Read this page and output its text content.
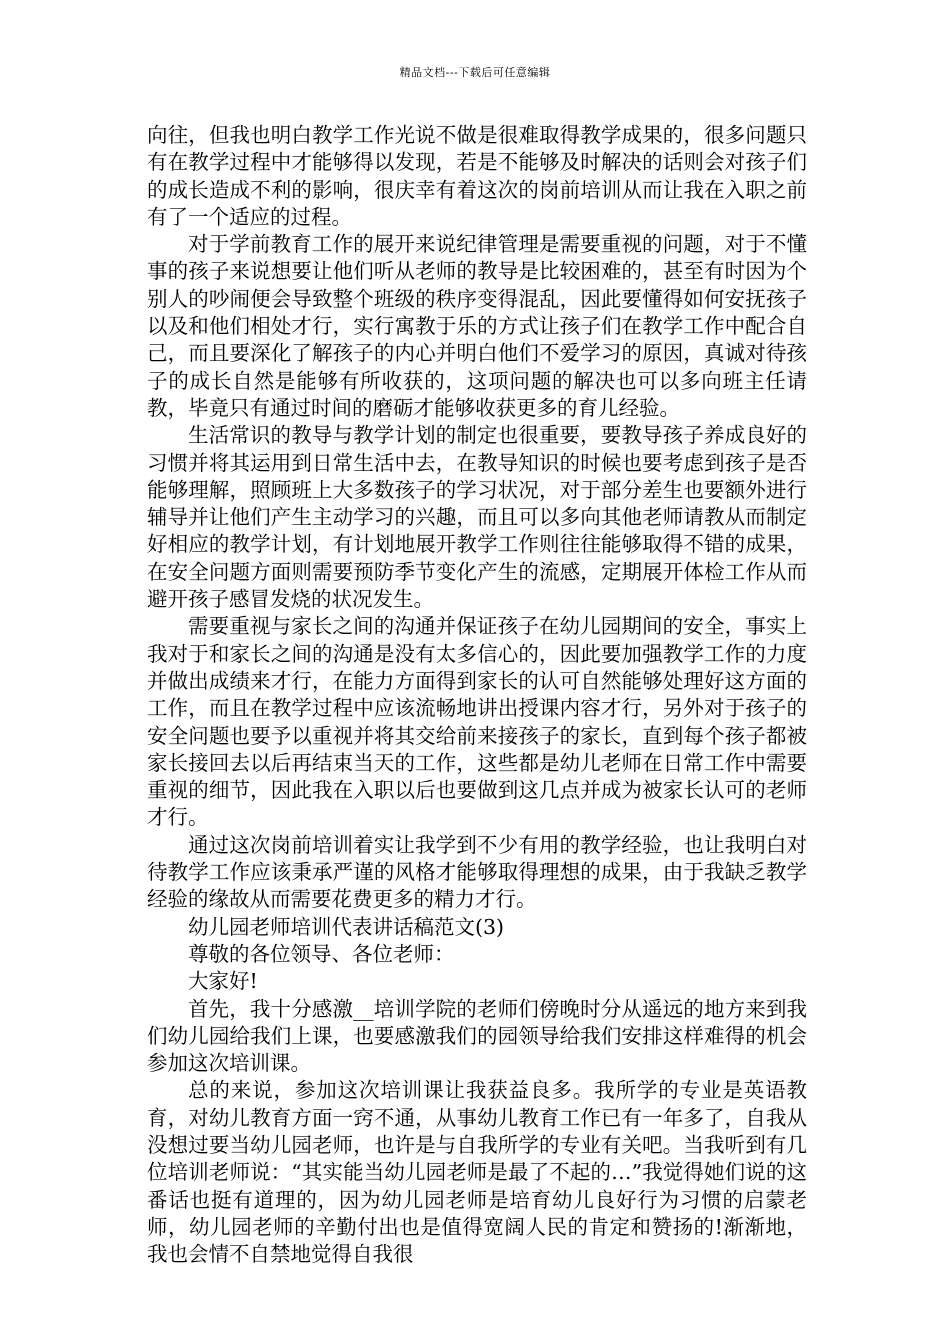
精品文档---下载后可任意编辑

向往，但我也明白教学工作光说不做是很难取得教学成果的，很多问题只有在教学过程中才能够得以发现，若是不能够及时解决的话则会对孩子们的成长造成不利的影响，很庆幸有着这次的岗前培训从而让我在入职之前有了一个适应的过程。

对于学前教育工作的展开来说纪律管理是需要重视的问题，对于不懂事的孩子来说想要让他们听从老师的教导是比较困难的，甚至有时因为个别人的吵闹便会导致整个班级的秩序变得混乱，因此要懂得如何安抚孩子以及和他们相处才行，实行寓教于乐的方式让孩子们在教学工作中配合自己，而且要深化了解孩子的内心并明白他们不爱学习的原因，真诚对待孩子的成长自然是能够有所收获的，这项问题的解决也可以多向班主任请教，毕竟只有通过时间的磨砺才能够收获更多的育儿经验。

生活常识的教导与教学计划的制定也很重要，要教导孩子养成良好的习惯并将其运用到日常生活中去，在教导知识的时候也要考虑到孩子是否能够理解，照顾班上大多数孩子的学习状况，对于部分差生也要额外进行辅导并让他们产生主动学习的兴趣，而且可以多向其他老师请教从而制定好相应的教学计划，有计划地展开教学工作则往往能够取得不错的成果，在安全问题方面则需要预防季节变化产生的流感，定期展开体检工作从而避开孩子感冒发烧的状况发生。

需要重视与家长之间的沟通并保证孩子在幼儿园期间的安全，事实上我对于和家长之间的沟通是没有太多信心的，因此要加强教学工作的力度并做出成绩来才行，在能力方面得到家长的认可自然能够处理好这方面的工作，而且在教学过程中应该流畅地讲出授课内容才行，另外对于孩子的安全问题也要予以重视并将其交给前来接孩子的家长，直到每个孩子都被家长接回去以后再结束当天的工作，这些都是幼儿老师在日常工作中需要重视的细节，因此我在入职以后也要做到这几点并成为被家长认可的老师才行。

通过这次岗前培训着实让我学到不少有用的教学经验，也让我明白对待教学工作应该秉承严谨的风格才能够取得理想的成果，由于我缺乏教学经验的缘故从而需要花费更多的精力才行。

幼儿园老师培训代表讲话稿范文(3)

尊敬的各位领导、各位老师：

大家好!

首先，我十分感激__培训学院的老师们傍晚时分从遥远的地方来到我们幼儿园给我们上课，也要感激我们的园领导给我们安排这样难得的机会参加这次培训课。

总的来说，参加这次培训课让我获益良多。我所学的专业是英语教育，对幼儿教育方面一窍不通，从事幼儿教育工作已有一年多了，自我从没想过要当幼儿园老师，也许是与自我所学的专业有关吧。当我听到有几位培训老师说：“其实能当幼儿园老师是最了不起的…”我觉得她们说的这番话也挺有道理的，因为幼儿园老师是培育幼儿良好行为习惯的启蒙老师，幼儿园老师的辛勤付出也是值得宽阔人民的肯定和赞扬的!渐渐地，我也会情不自禁地觉得自我很
